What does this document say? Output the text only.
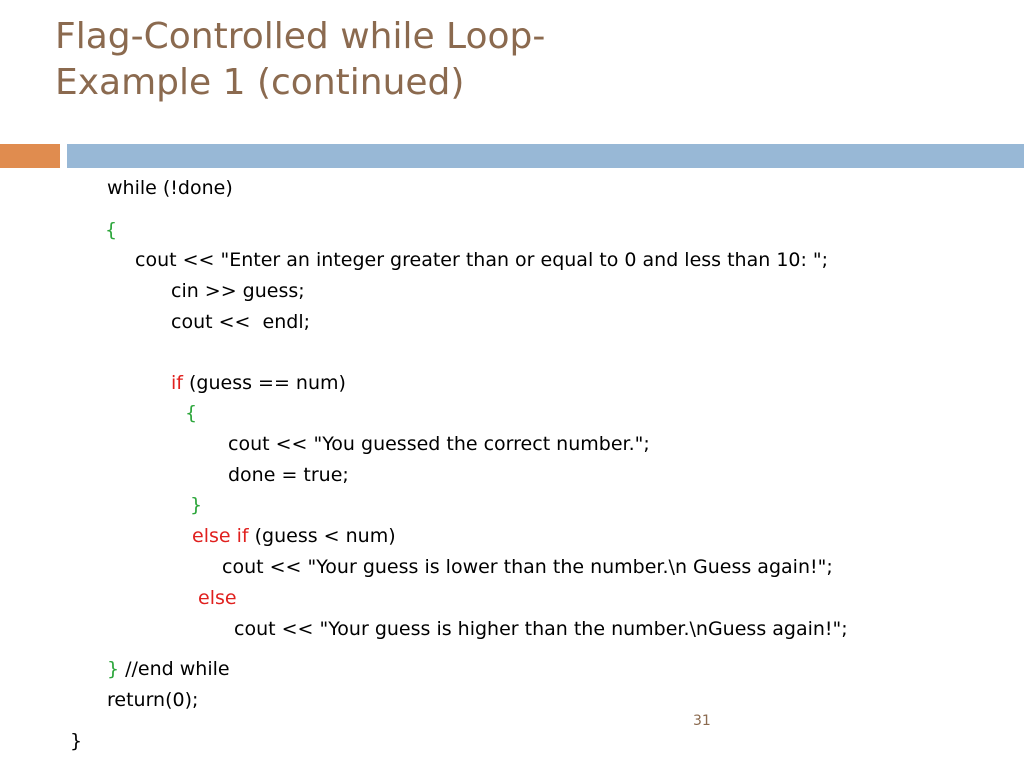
Flag-Controlled while Loop-
Example 1 (continued)
while (!done)
{
cout << "Enter an integer greater than or equal to 0 and less than 10: ";
cin >> guess;
cout <<  endl;
if (guess == num)
{
cout << "You guessed the correct number.";
done = true;
}
else if (guess < num)
cout << "Your guess is lower than the number.\n Guess again!";
else
cout << "Your guess is higher than the number.\nGuess again!";
} //end while
return(0);
}
31
